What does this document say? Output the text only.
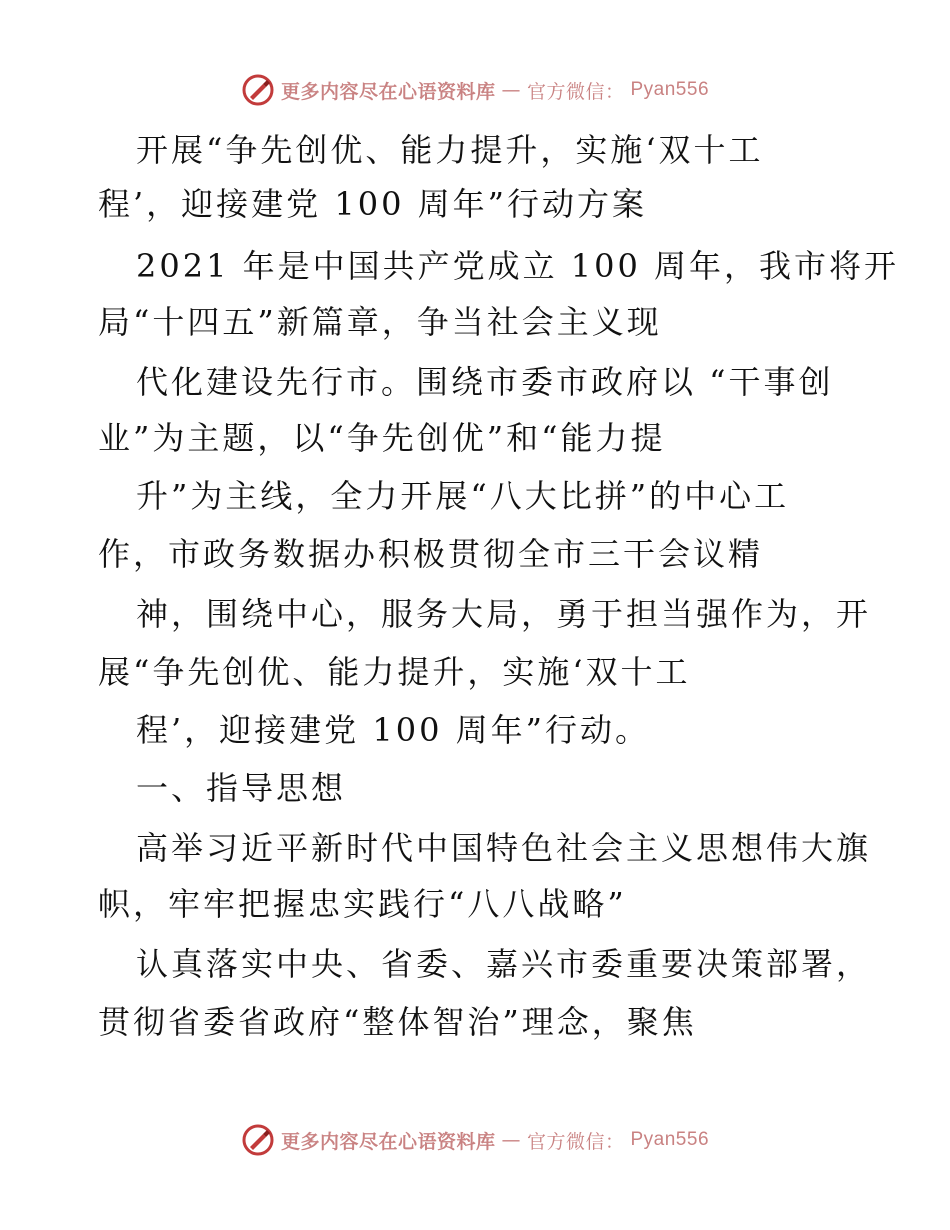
更多内容尽在心语资料库 — 官方微信： Pyan556
开展“争先创优、能力提升，实施‘双十工
程’，迎接建党 100 周年”行动方案
2021 年是中国共产党成立 100 周年，我市将开
局“十四五”新篇章，争当社会主义现
代化建设先行市。围绕市委市政府以 “干事创
业”为主题，以“争先创优”和“能力提
升”为主线，全力开展“八大比拼”的中心工
作，市政务数据办积极贯彻全市三干会议精
神，围绕中心，服务大局，勇于担当强作为，开
展“争先创优、能力提升，实施‘双十工
程’，迎接建党 100 周年”行动。
一、指导思想
高举习近平新时代中国特色社会主义思想伟大旗
帜，牢牢把握忠实践行“八八战略”
认真落实中央、省委、嘉兴市委重要决策部署，
贯彻省委省政府“整体智治”理念，聚焦
更多内容尽在心语资料库 — 官方微信： Pyan556
